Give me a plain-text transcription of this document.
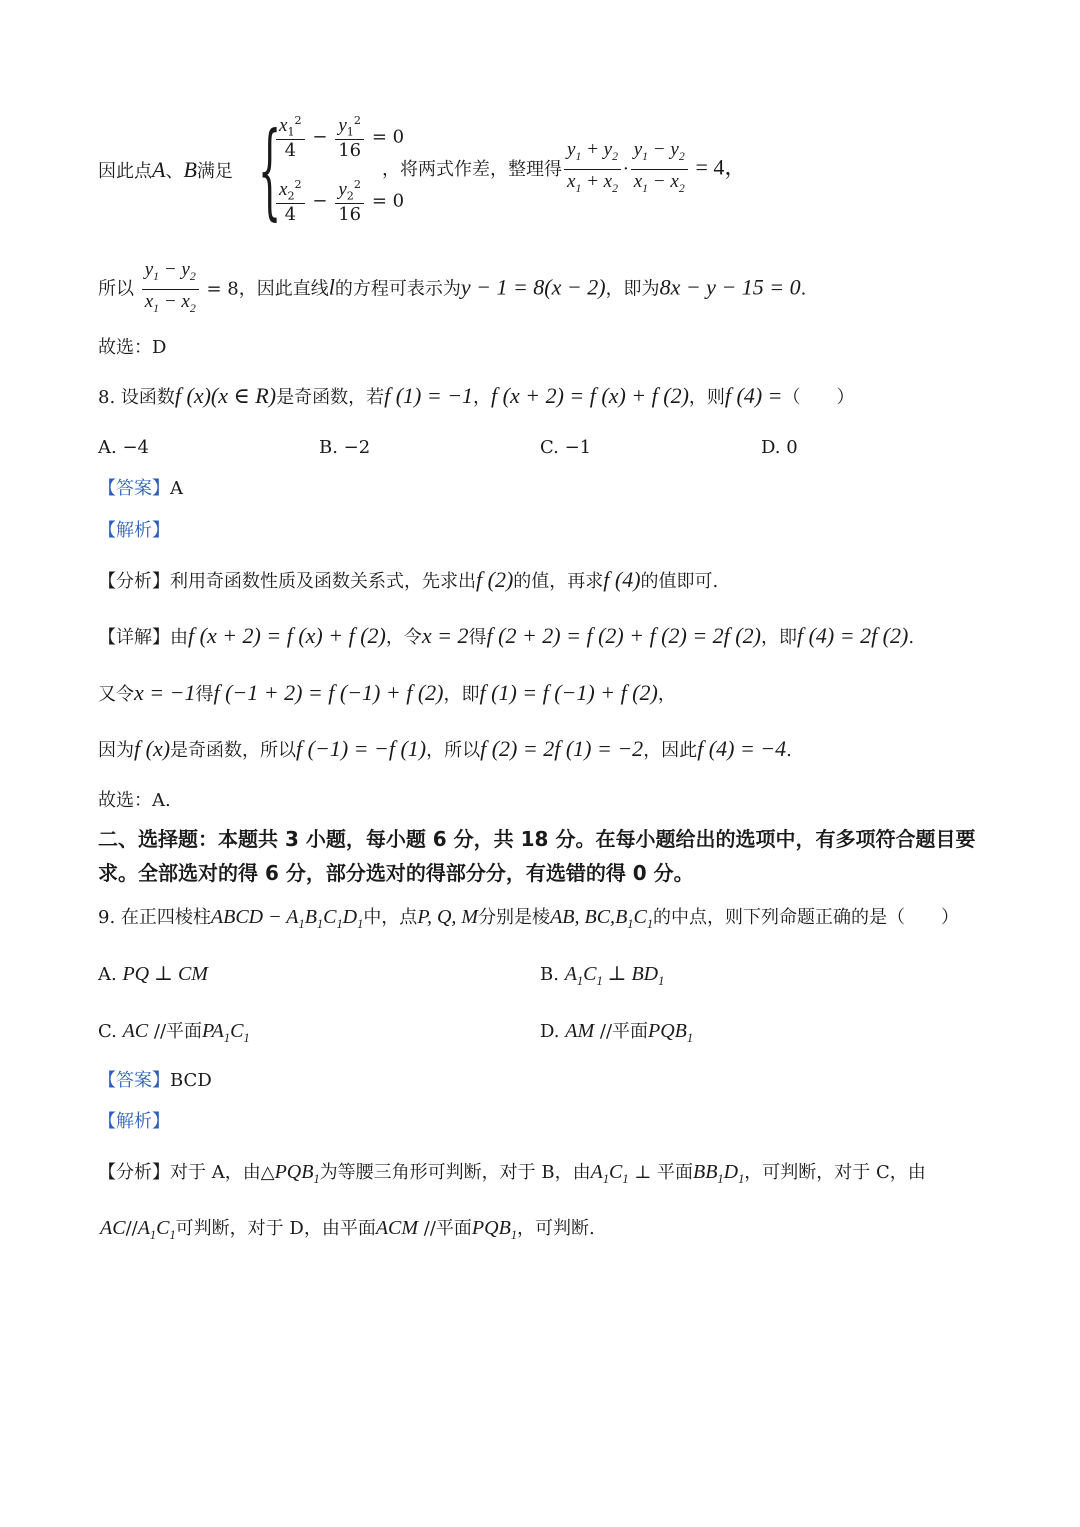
因此点A、B满足 {
$\frac{x_1^2}{4} - \frac{y_1^2}{16} = 0$
$\frac{x_2^2}{4} - \frac{y_2^2}{16} = 0$
，将两式作差，整理得 $\frac{y_1 + y_2}{x_1 + x_2} \cdot \frac{y_1 - y_2}{x_1 - x_2} = 4$，
所以 $\frac{y_1 - y_2}{x_1 - x_2} = 8$，因此直线l的方程可表示为y − 1 = 8(x − 2)，即为8x − y − 15 = 0.
故选：D
8. 设函数f (x)(x ∈ R)是奇函数，若f (1) = −1，f (x + 2) = f (x) + f (2)，则f (4) =（　　）
A. −4	B. −2	C. −1	D. 0
【答案】A
【解析】
【分析】利用奇函数性质及函数关系式，先求出f (2)的值，再求f (4)的值即可.
【详解】由f (x + 2) = f (x) + f (2)，令x = 2得f (2 + 2) = f (2) + f (2) = 2f (2)，即f (4) = 2f (2).
又令x = −1得f (−1 + 2) = f (−1) + f (2)，即f (1) = f (−1) + f (2)，
因为f (x)是奇函数，所以f (−1) = −f (1)，所以f (2) = 2f (1) = −2，因此f (4) = −4.
故选：A.
二、选择题：本题共 3 小题，每小题 6 分，共 18 分。在每小题给出的选项中，有多项符合题目要求。全部选对的得 6 分，部分选对的得部分分，有选错的得 0 分。
9. 在正四棱柱ABCD − $A_1B_1C_1D_1$中，点P, Q, M分别是棱AB, $BC,B_1C_1$的中点，则下列命题正确的是（　　）
A. PQ ⊥ CM	B. $A_1C_1$ ⊥ $BD_1$
C. AC //平面$PA_1C_1$	D. AM //平面$PQB_1$
【答案】BCD
【解析】
【分析】对于 A，由$\triangle PQB_1$为等腰三角形可判断，对于 B，由$A_1C_1$ ⊥ 平面$BB_1D_1$，可判断，对于 C，由
$AC//A_1C_1$可判断，对于 D，由平面ACM //平面$PQB_1$，可判断.
